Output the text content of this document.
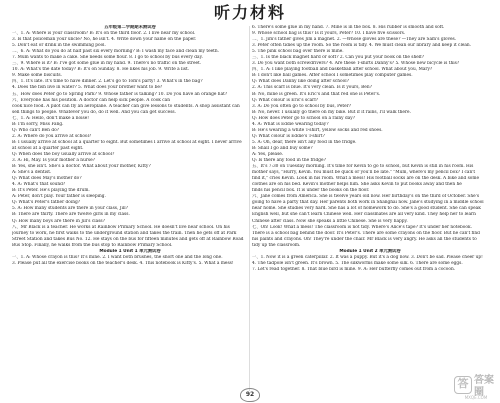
听力材料

五年级第二学期期末测试卷

一、1. A: Where is your classroom? B: It's on the third floor. 2. I live near my school.

3. Is that policeman your uncle? No, he isn't. 4. Write down your name on the paper.

5. Don't eat or drink in the swimming pool.

二、6. A: What do you do at half past six every morning? B: I wash my face and clean my teeth.

7. Mum wants to make a cake. She needs some flour. 8. I go to school by bus every day.

三、9. Where is it? B: I've got some glue in my hand. 9. There's no traffic on the street.

10. A: What's the date today? B: It's on Sunday. 8. He likes his job. 9. Write a list.

9. Make some biscuits.

四、1. It's late. It's time to have dinner. 2. Let's go to Tom's party! 3. What's in the bag?

4. Does the fish live in water? 5. What does your brother want to be?

五、How does Peter go to Spring Park? 9. Whose father is talking? 10. Do you have an orange hat?

六、Everyone has his position. A doctor can help sick people. A cook can

cook nice food. A pilot can fly an aeroplane. A teacher can give lessons to students. A shop assistant can

sell things to people. Whatever you do, do it well. And you can get success.

七、1. A: Hello, don't make a noise!

B: I'm sorry, Miss Fang.

Q: Who can't Ben do?

2. A: Where do you arrive at school?

B: I usually arrive at school at a quarter to eight. But sometimes I arrive at school at eight. I never arrive

at school at a quarter past eight.

Q: When does the boy usually arrive at school?

3. A: Hi, May. Is your mother a nurse?

B: Yes, she isn't. She's a doctor. What about your mother, Kitty?

A: She's a dentist.

Q: What does May's mother do?

4. A: What's that sound?

B: It's Peter. He's playing the drum.

A: Peter, don't play. Your father is sleeping.

Q: What's Peter's father doing?

5. A: How many students are there in your class, Jill?

B: There are thirty. There are twelve girls in my class.

Q: How many boys are there in Jill's class?

八、Mr Black is a teacher. He works at Rainbow Primary School. He doesn't live near school. On his

journey to work, he first walks to the underground station and takes the train. Then he gets off at Park

Street Station and takes Bus No. 12. He stays on the bus for fifteen minutes and gets off at Rainbow Road

Bus Stop. Finally, he walks from the bus stop to Rainbow Primary School.

Module 1 Unit 1 单元测试卷

一、1. A: Whose crayon is this? It's mine. 2. I want both brushes, the short one and the long one.

3. Please put all the exercise books on the teacher's desk. 4. This notebook is Kitty's. 5. What a mess!

6. There's some glue in my hand. 7. Mine is in the box. 8. His rubber is smooth and soft.

9. Whose school bag is this? Is it yours, Peter? 10. I have five scissors.

二、1. Jim's father gives Jim a magnet. 2. —Whose gloves are these? —They are Sam's gloves.

3. Peter often tidies up the room. So the room is tidy. 4. We must clean our library and keep it clean.

5. The pink school bag over there is mine.

三、1. Is the black magnet hard or soft? 2. Can you put your book on the shelf?

3. Do you want both screwdrivers? 4. Are these T-shirts Danny's? 5. Whose new bicycle is this?

四、1. A: I like playing football and basketball after school. What about you, Mary?

B: I don't like ball games. After school I sometimes play computer games.

Q: What does Danny like doing after school?

2. A: This scarf is blue. It's very clean. Is it yours, Ben?

B: No, mine is green. It's Eric's and that red one is Peter's.

Q: What colour is Eric's scarf?

3. A: Do you often go to school by bus, Peter?

B: No, never. I usually go there on my bike. But if it rains, I'll walk there.

Q: How does Peter go to school on a rainy day?

4. A: What is Eddie wearing today?

B: He's wearing a white T-shirt, yellow socks and red shoes.

Q: What colour is Eddie's T-shirt?

5. A: Oh, dear, there isn't any food in the fridge.

B: Shall I go and buy some?

A: Yes, please.

Q: Is there any food in the fridge?

五、It's 7:30 on Tuesday morning. It's time for Kevin to go to school, but Kevin is still in his room. His

mother says, "Hurry, Kevin. You must be quick or you'll be late." "Mum, where's my pencil box? I can't

find it," cries Kevin. Look in his room. What a mess! His football socks are on the desk. A bike and some

clothes are on his bed. Kevin's mother helps him. She asks Kevin to put books away and then he

finds his pencil box. It is under the books on the floor.

六、Jane comes from America. She is twelve years old now. Her birthday's on the third of October. She's

going to have a party that day. Her parents both work in Shanghai now. Jane's studying in a middle school

near home. She studies very hard. She has a lot of homework to do. She's a good student. She can speak

English well, but she can't learn Chinese well. Her classmates are all very kind. They help her to learn

Chinese after class. Now she speaks a little Chinese. She is very happy.

七、Oh! Look! What a mess! The classroom is not tidy. Where's Alice's tape? It's under her notebook.

There is a school bag behind the door. It's Peter's. There are some crayons on the floor. But he can't find

his paints and crayons. Oh! They're under the chair. Mr Black is very angry. He asks all the students to

tidy up the classroom.

Module 1 Unit 2 单元测试卷

一、1. Now it is a green caterpillar. 2. It was a puppy. But it's a dog now. 3. Don't be sad. Please cheer up!

4. The tadpole isn't green. It's brown. 5. The silkworms make some silk. 6. There are some eggs.

7. Let's read together. 8. That blue bird is mine. 9. A: Her butterfly comes out from a cocoon.

92
答 答案圈
MXQE.COM
